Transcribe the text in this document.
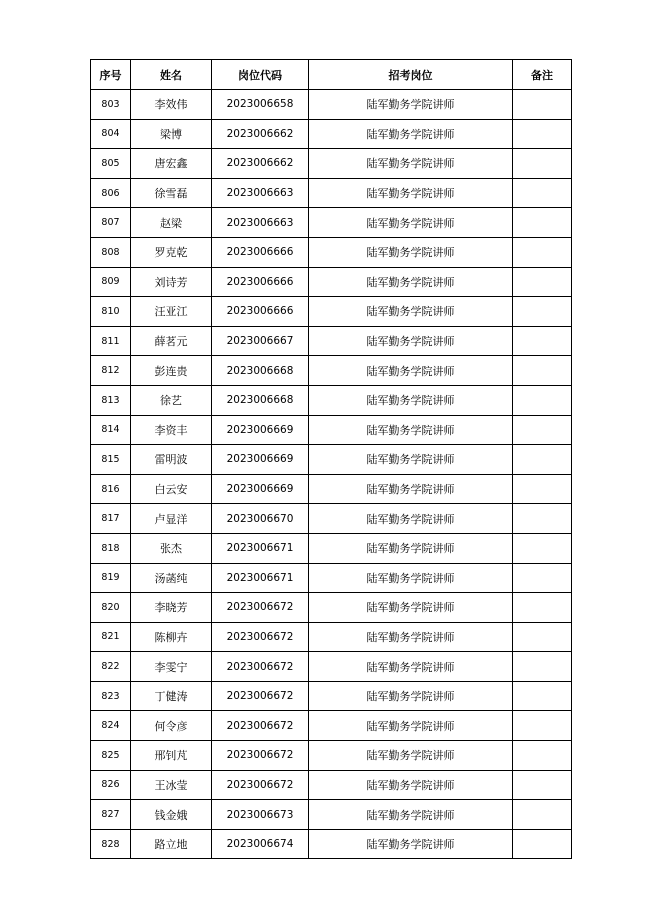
序号	姓名	岗位代码	招考岗位	备注
803	李效伟	2023006658	陆军勤务学院讲师	
804	梁博	2023006662	陆军勤务学院讲师	
805	唐宏鑫	2023006662	陆军勤务学院讲师	
806	徐雪磊	2023006663	陆军勤务学院讲师	
807	赵梁	2023006663	陆军勤务学院讲师	
808	罗克乾	2023006666	陆军勤务学院讲师	
809	刘诗芳	2023006666	陆军勤务学院讲师	
810	汪亚江	2023006666	陆军勤务学院讲师	
811	薛茗元	2023006667	陆军勤务学院讲师	
812	彭连贵	2023006668	陆军勤务学院讲师	
813	徐艺	2023006668	陆军勤务学院讲师	
814	李资丰	2023006669	陆军勤务学院讲师	
815	雷明波	2023006669	陆军勤务学院讲师	
816	白云安	2023006669	陆军勤务学院讲师	
817	卢显洋	2023006670	陆军勤务学院讲师	
818	张杰	2023006671	陆军勤务学院讲师	
819	汤菡纯	2023006671	陆军勤务学院讲师	
820	李晓芳	2023006672	陆军勤务学院讲师	
821	陈柳卉	2023006672	陆军勤务学院讲师	
822	李雯宁	2023006672	陆军勤务学院讲师	
823	丁健涛	2023006672	陆军勤务学院讲师	
824	何令彦	2023006672	陆军勤务学院讲师	
825	邢钊芃	2023006672	陆军勤务学院讲师	
826	王冰莹	2023006672	陆军勤务学院讲师	
827	钱金娥	2023006673	陆军勤务学院讲师	
828	路立地	2023006674	陆军勤务学院讲师	
